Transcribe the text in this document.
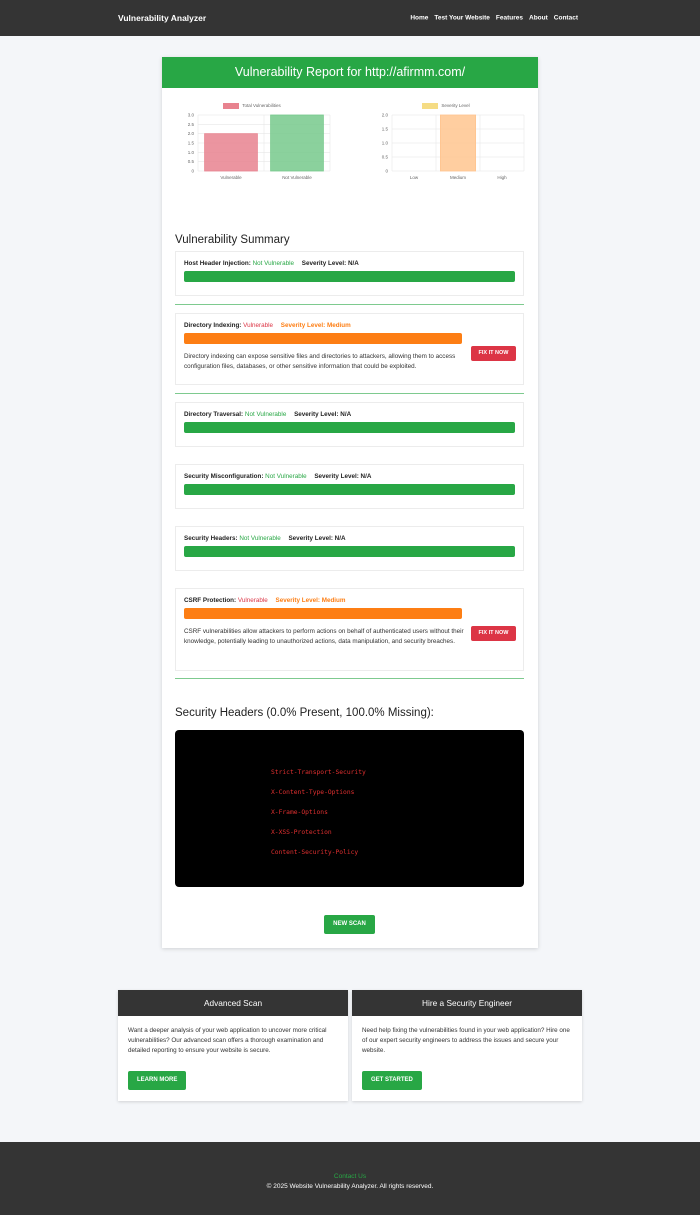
Vulnerability Analyzer	Home Test Your Website Features About Contact
Vulnerability Report for http://afirmm.com/
Total Vulnerabilities
3.0
2.5
2.0
1.5
1.0
0.5
0
Vulnerable	Not Vulnerable
Severity Level
2.0
1.5
1.0
0.5
0
Low	Medium	High
Vulnerability Summary
Host Header Injection: Not Vulnerable Severity Level: N/A
Directory Indexing: Vulnerable Severity Level: Medium
Directory indexing can expose sensitive files and directories to attackers, allowing them to access configuration files, databases, or other sensitive information that could be exploited.
FIX IT NOW
Directory Traversal: Not Vulnerable Severity Level: N/A
Security Misconfiguration: Not Vulnerable Severity Level: N/A
Security Headers: Not Vulnerable Severity Level: N/A
CSRF Protection: Vulnerable Severity Level: Medium
CSRF vulnerabilities allow attackers to perform actions on behalf of authenticated users without their knowledge, potentially leading to unauthorized actions, data manipulation, and security breaches.
FIX IT NOW
Security Headers (0.0% Present, 100.0% Missing):
Strict-Transport-Security
X-Content-Type-Options
X-Frame-Options
X-XSS-Protection
Content-Security-Policy
NEW SCAN
Advanced Scan
Want a deeper analysis of your web application to uncover more critical vulnerabilities? Our advanced scan offers a thorough examination and detailed reporting to ensure your website is secure.
LEARN MORE
Hire a Security Engineer
Need help fixing the vulnerabilities found in your web application? Hire one of our expert security engineers to address the issues and secure your website.
GET STARTED
Contact Us
© 2025 Website Vulnerability Analyzer. All rights reserved.
